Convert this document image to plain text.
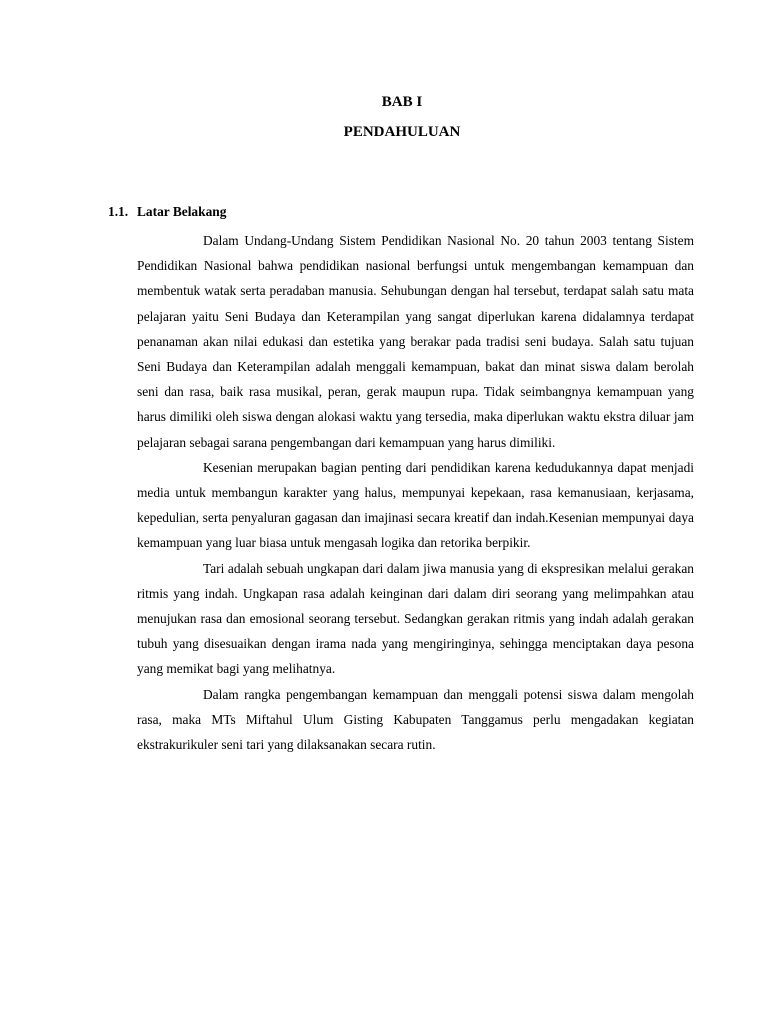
BAB I
PENDAHULUAN
1.1. Latar Belakang

Dalam Undang-Undang Sistem Pendidikan Nasional No. 20 tahun 2003 tentang Sistem Pendidikan Nasional bahwa pendidikan nasional berfungsi untuk mengembangan kemampuan dan membentuk watak serta peradaban manusia. Sehubungan dengan hal tersebut, terdapat salah satu mata pelajaran yaitu Seni Budaya dan Keterampilan yang sangat diperlukan karena didalamnya terdapat penanaman akan nilai edukasi dan estetika yang berakar pada tradisi seni budaya. Salah satu tujuan Seni Budaya dan Keterampilan adalah menggali kemampuan, bakat dan minat siswa dalam berolah seni dan rasa, baik rasa musikal, peran, gerak maupun rupa. Tidak seimbangnya kemampuan yang harus dimiliki oleh siswa dengan alokasi waktu yang tersedia, maka diperlukan waktu ekstra diluar jam pelajaran sebagai sarana pengembangan dari kemampuan yang harus dimiliki.

Kesenian merupakan bagian penting dari pendidikan karena kedudukannya dapat menjadi media untuk membangun karakter yang halus, mempunyai kepekaan, rasa kemanusiaan, kerjasama, kepedulian, serta penyaluran gagasan dan imajinasi secara kreatif dan indah.Kesenian mempunyai daya kemampuan yang luar biasa untuk mengasah logika dan retorika berpikir.

Tari adalah sebuah ungkapan dari dalam jiwa manusia yang di ekspresikan melalui gerakan ritmis yang indah. Ungkapan rasa adalah keinginan dari dalam diri seorang yang melimpahkan atau menujukan rasa dan emosional seorang tersebut. Sedangkan gerakan ritmis yang indah adalah gerakan tubuh yang disesuaikan dengan irama nada yang mengiringinya, sehingga menciptakan daya pesona yang memikat bagi yang melihatnya.

Dalam rangka pengembangan kemampuan dan menggali potensi siswa dalam mengolah rasa, maka MTs Miftahul Ulum Gisting Kabupaten Tanggamus perlu mengadakan kegiatan ekstrakurikuler seni tari yang dilaksanakan secara rutin.
